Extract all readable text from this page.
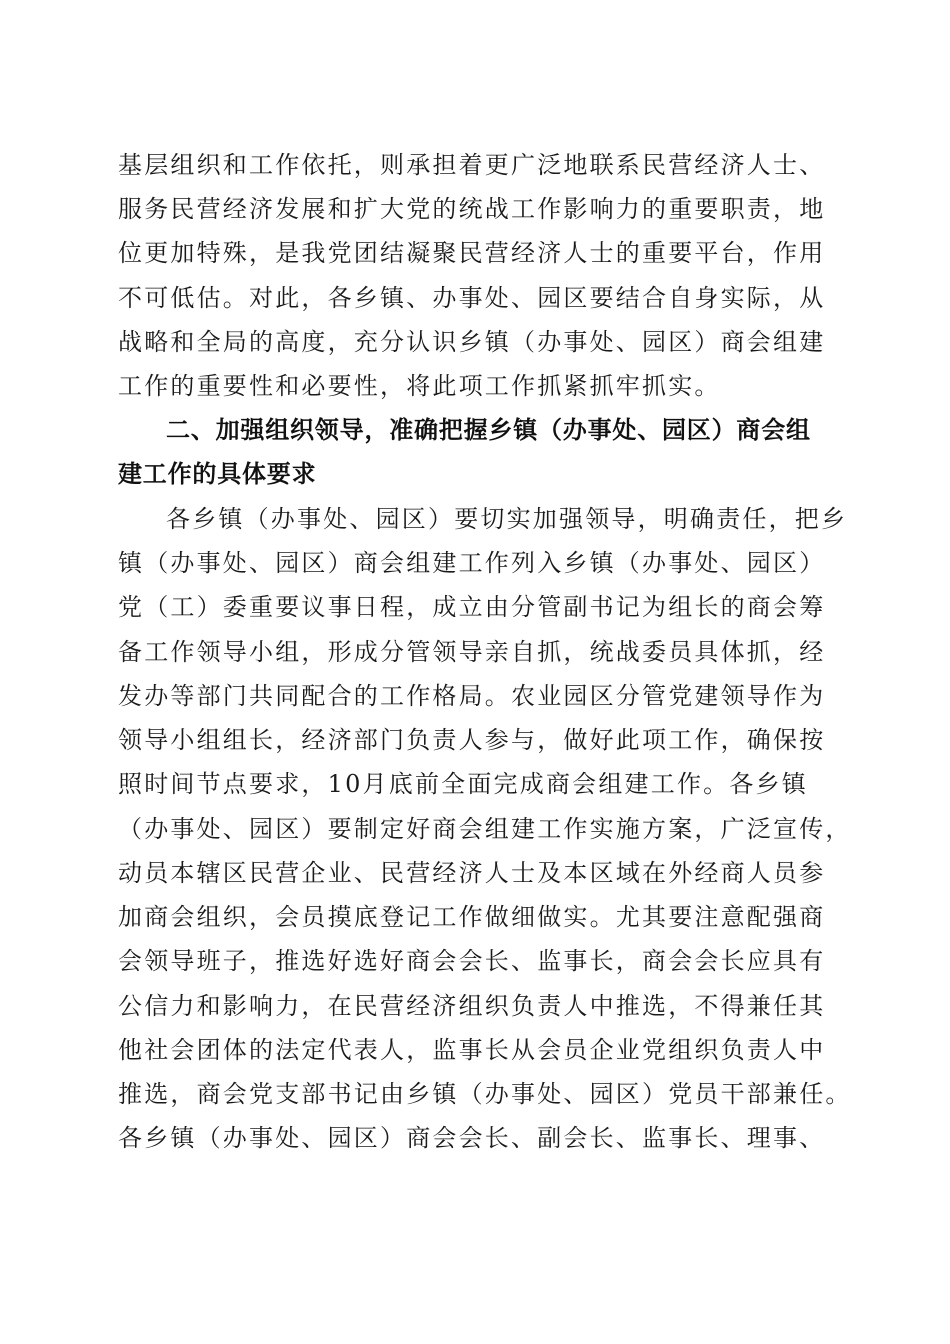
基层组织和工作依托，则承担着更广泛地联系民营经济人士、
服务民营经济发展和扩大党的统战工作影响力的重要职责，地
位更加特殊，是我党团结凝聚民营经济人士的重要平台，作用
不可低估。对此，各乡镇、办事处、园区要结合自身实际，从
战略和全局的高度，充分认识乡镇（办事处、园区）商会组建
工作的重要性和必要性，将此项工作抓紧抓牢抓实。
二、加强组织领导，准确把握乡镇（办事处、园区）商会组
建工作的具体要求
各乡镇（办事处、园区）要切实加强领导，明确责任，把乡
镇（办事处、园区）商会组建工作列入乡镇（办事处、园区）
党（工）委重要议事日程，成立由分管副书记为组长的商会筹
备工作领导小组，形成分管领导亲自抓，统战委员具体抓，经
发办等部门共同配合的工作格局。农业园区分管党建领导作为
领导小组组长，经济部门负责人参与，做好此项工作，确保按
照时间节点要求，10月底前全面完成商会组建工作。各乡镇
（办事处、园区）要制定好商会组建工作实施方案，广泛宣传，
动员本辖区民营企业、民营经济人士及本区域在外经商人员参
加商会组织，会员摸底登记工作做细做实。尤其要注意配强商
会领导班子，推选好选好商会会长、监事长，商会会长应具有
公信力和影响力，在民营经济组织负责人中推选，不得兼任其
他社会团体的法定代表人，监事长从会员企业党组织负责人中
推选，商会党支部书记由乡镇（办事处、园区）党员干部兼任。
各乡镇（办事处、园区）商会会长、副会长、监事长、理事、
